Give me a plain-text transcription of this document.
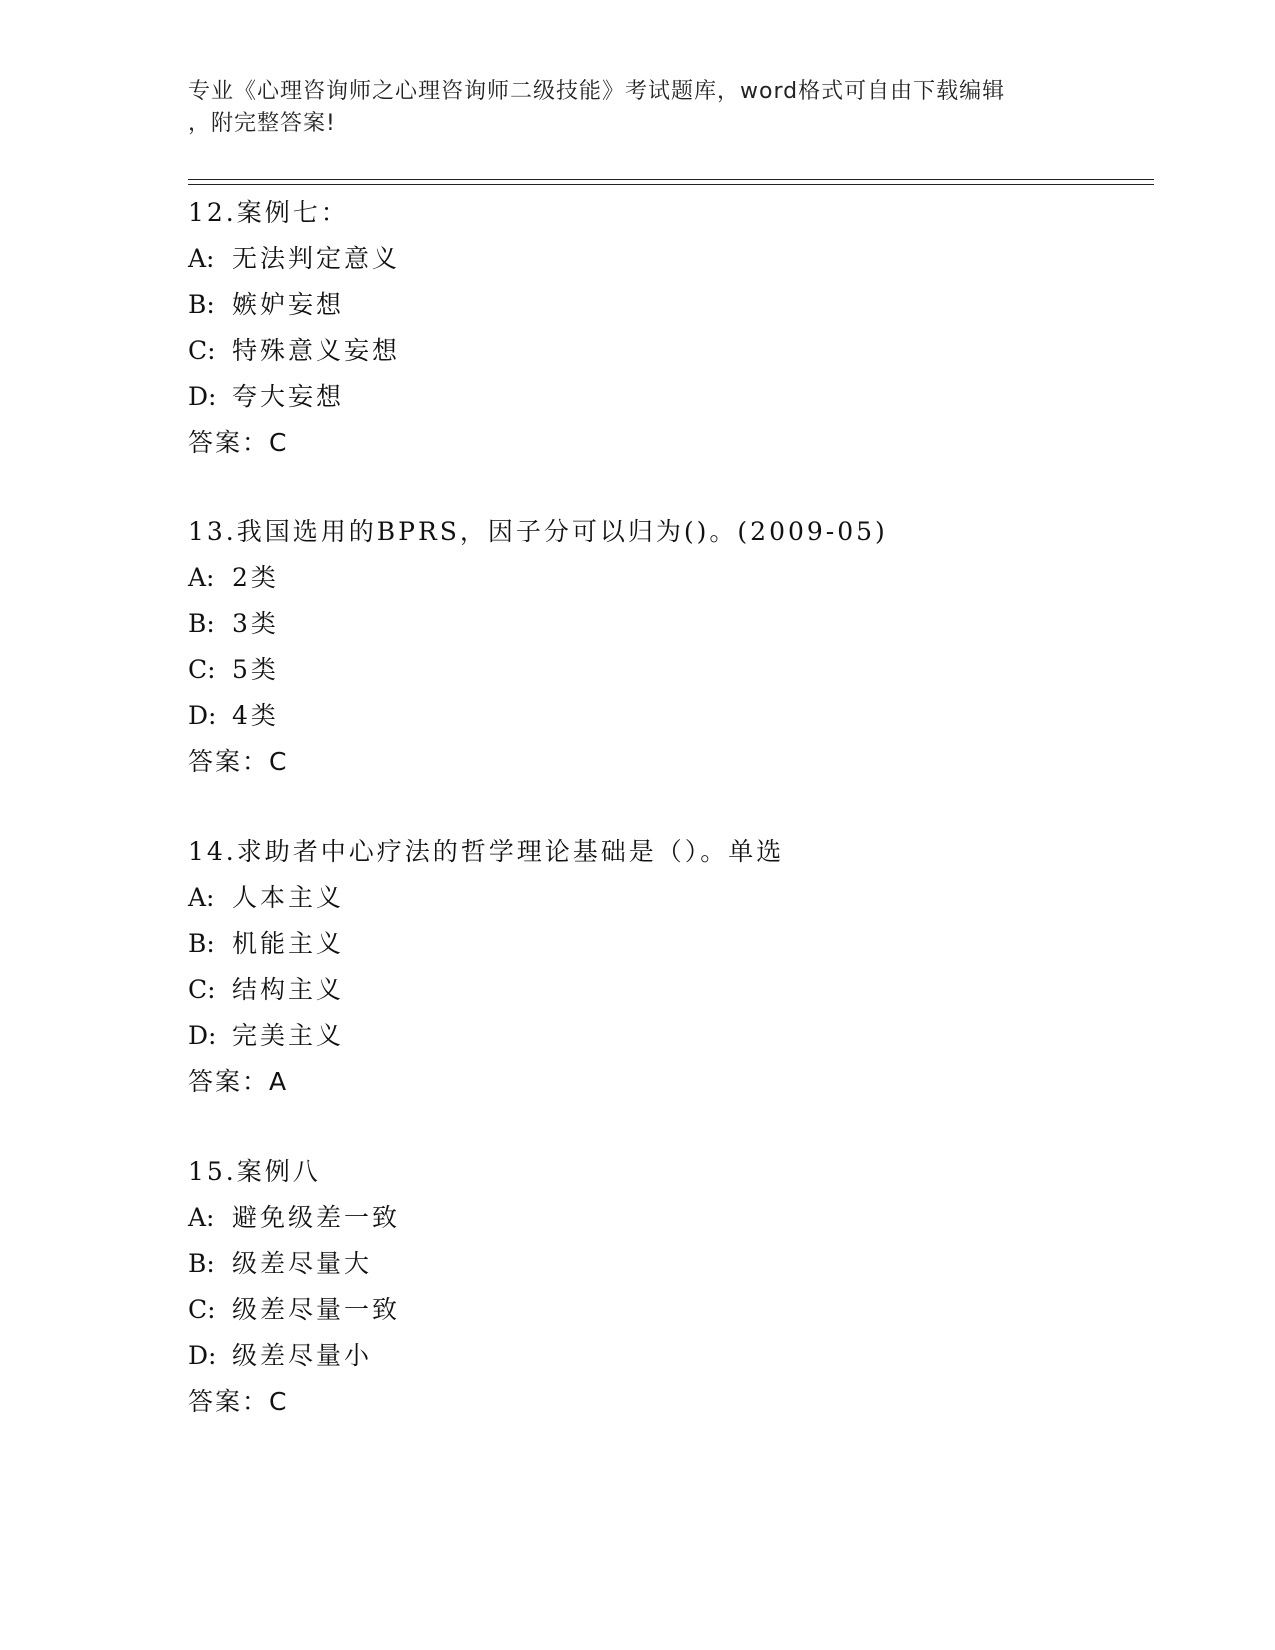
专业《心理咨询师之心理咨询师二级技能》考试题库，word格式可自由下载编辑
，附完整答案!
12.案例七：
A: 无法判定意义
B: 嫉妒妄想
C: 特殊意义妄想
D: 夸大妄想
答案：C
13.我国选用的BPRS，因子分可以归为()。(2009-05)
A: 2类
B: 3类
C: 5类
D: 4类
答案：C
14.求助者中心疗法的哲学理论基础是（）。单选
A: 人本主义
B: 机能主义
C: 结构主义
D: 完美主义
答案：A
15.案例八
A: 避免级差一致
B: 级差尽量大
C: 级差尽量一致
D: 级差尽量小
答案：C
